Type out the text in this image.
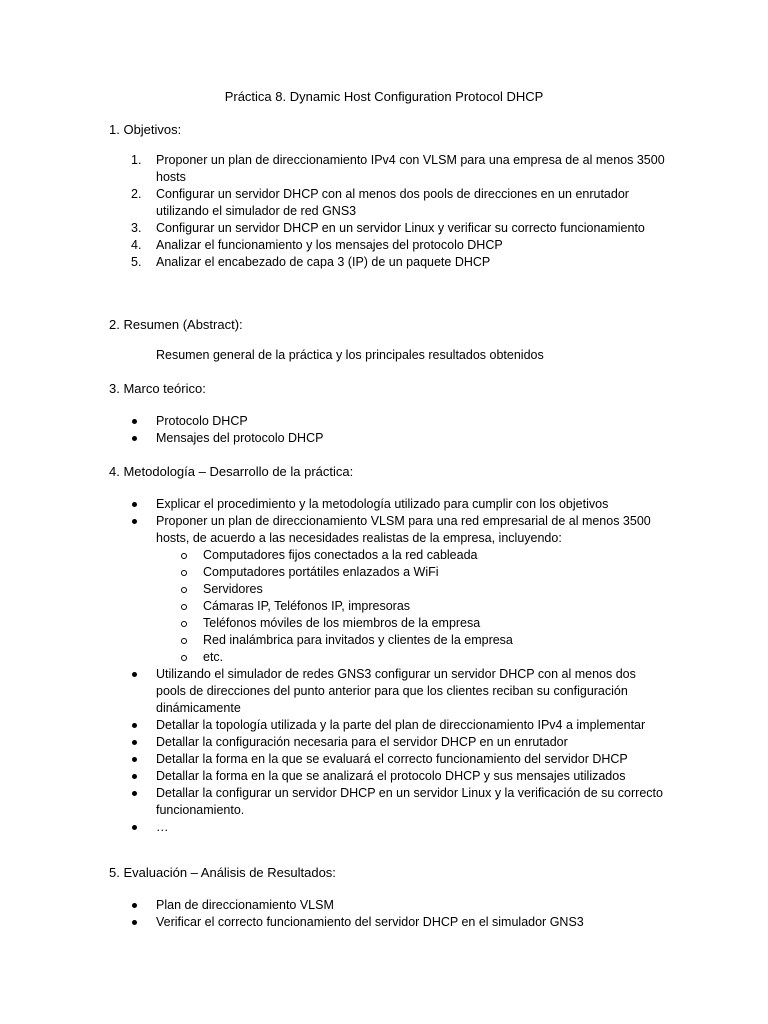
Práctica 8. Dynamic Host Configuration Protocol DHCP
1. Objetivos:
1.	Proponer un plan de direccionamiento IPv4 con VLSM para una empresa de al menos 3500 hosts
2.	Configurar un servidor DHCP con al menos dos pools de direcciones en un enrutador utilizando el simulador de red GNS3
3.	Configurar un servidor DHCP en un servidor Linux y verificar su correcto funcionamiento
4.	Analizar el funcionamiento y los mensajes del protocolo DHCP
5.	Analizar el encabezado de capa 3 (IP) de un paquete DHCP
2. Resumen (Abstract):
Resumen general de la práctica y los principales resultados obtenidos
3. Marco teórico:
Protocolo DHCP
Mensajes del protocolo DHCP
4. Metodología – Desarrollo de la práctica:
Explicar el procedimiento y la metodología utilizado para cumplir con los objetivos
Proponer un plan de direccionamiento VLSM para una red empresarial de al menos 3500 hosts, de acuerdo a las necesidades realistas de la empresa, incluyendo:
Computadores fijos conectados a la red cableada
Computadores portátiles enlazados a WiFi
Servidores
Cámaras IP, Teléfonos IP, impresoras
Teléfonos móviles de los miembros de la empresa
Red inalámbrica para invitados y clientes de la empresa
etc.
Utilizando el simulador de redes GNS3 configurar un servidor DHCP con al menos dos pools de direcciones del punto anterior para que los clientes reciban su configuración dinámicamente
Detallar la topología utilizada y la parte del plan de direccionamiento IPv4 a implementar
Detallar la configuración necesaria para el servidor DHCP en un enrutador
Detallar la forma en la que se evaluará el correcto funcionamiento del servidor DHCP
Detallar la forma en la que se analizará el protocolo DHCP y sus mensajes utilizados
Detallar la configurar un servidor DHCP en un servidor Linux y la verificación de su correcto funcionamiento.
…
5. Evaluación – Análisis de Resultados:
Plan de direccionamiento VLSM
Verificar el correcto funcionamiento del servidor DHCP en el simulador GNS3
